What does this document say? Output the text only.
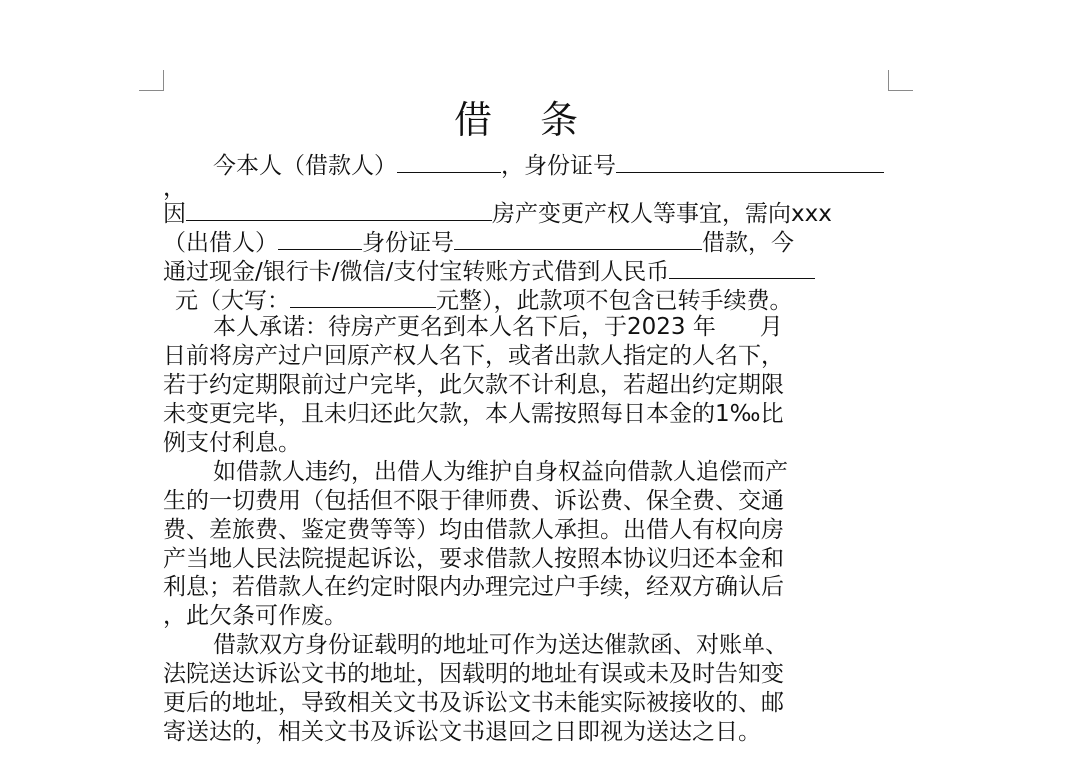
借 条
今本人（借款人）	，身份证号
，
因	房产变更产权人等事宜，需向xxx
（出借人）	身份证号	借款，今
通过现金/银行卡/微信/支付宝转账方式借到人民币
元（大写：	元整），此款项不包含已转手续费。
本人承诺：待房产更名到本人名下后，于2023 年      月
日前将房产过户回原产权人名下，或者出款人指定的人名下，
若于约定期限前过户完毕，此欠款不计利息，若超出约定期限
未变更完毕，且未归还此欠款，本人需按照每日本金的1‰比
例支付利息。
如借款人违约，出借人为维护自身权益向借款人追偿而产
生的一切费用（包括但不限于律师费、诉讼费、保全费、交通
费、差旅费、鉴定费等等）均由借款人承担。出借人有权向房
产当地人民法院提起诉讼，要求借款人按照本协议归还本金和
利息；若借款人在约定时限内办理完过户手续，经双方确认后
，此欠条可作废。
借款双方身份证载明的地址可作为送达催款函、对账单、
法院送达诉讼文书的地址，因载明的地址有误或未及时告知变
更后的地址，导致相关文书及诉讼文书未能实际被接收的、邮
寄送达的，相关文书及诉讼文书退回之日即视为送达之日。
